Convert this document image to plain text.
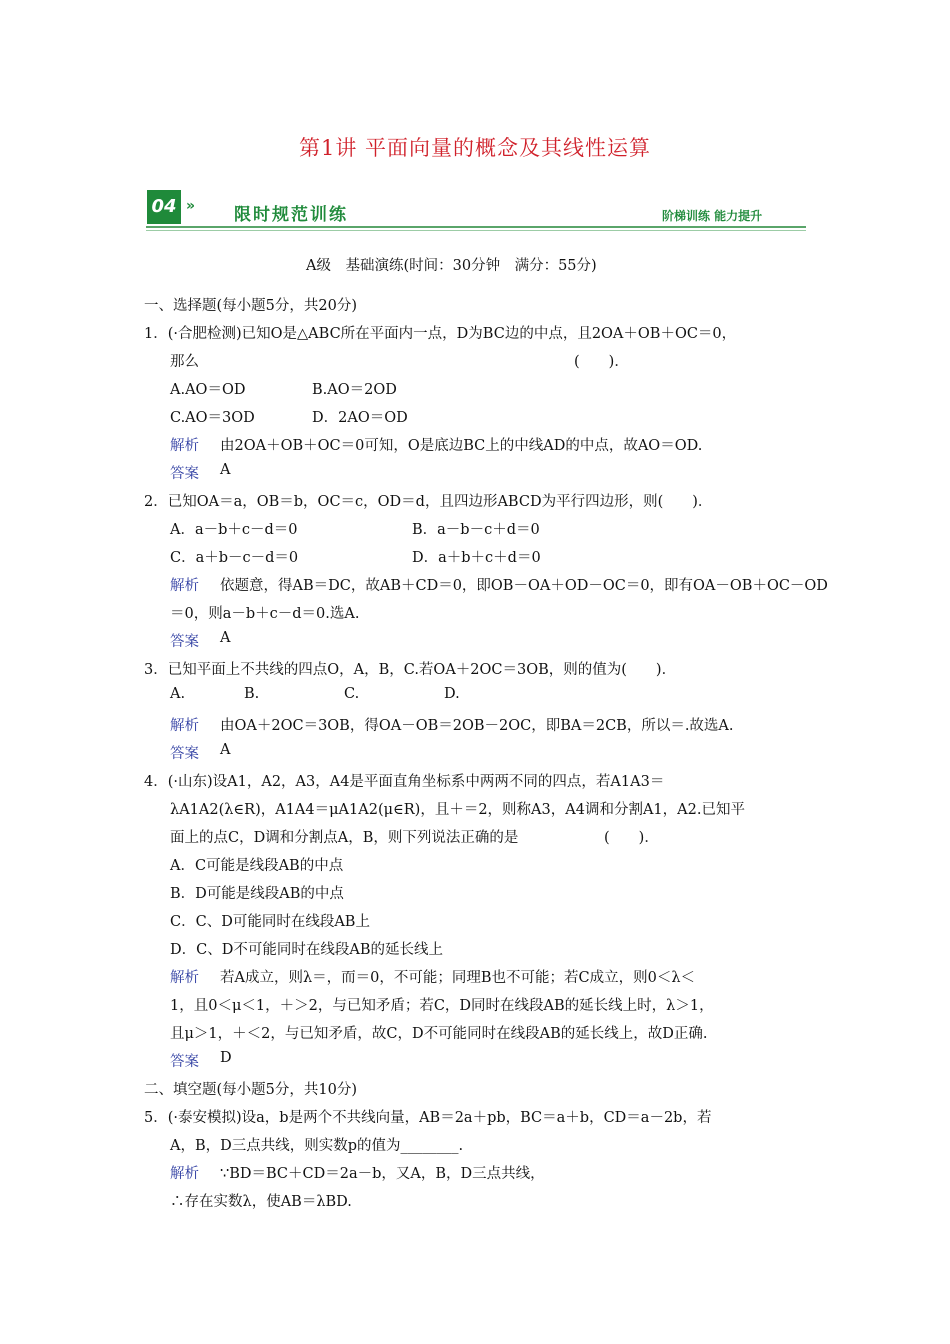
第1讲 平面向量的概念及其线性运算
04 » 限时规范训练	阶梯训练 能力提升
A级　基础演练(时间：30分钟　满分：55分)
一、选择题(每小题5分，共20分)
1．(·合肥检测)已知O是△ABC所在平面内一点，D为BC边的中点，且2OA＋OB＋OC＝0，
那么	(　　)．
A.AO＝OD	B.AO＝2OD
C.AO＝3OD	D．2AO＝OD
解析 由2OA＋OB＋OC＝0可知，O是底边BC上的中线AD的中点，故AO＝OD.
答案 A
2．已知OA＝a，OB＝b，OC＝c，OD＝d，且四边形ABCD为平行四边形，则(　　)．
A．a－b＋c－d＝0	B．a－b－c＋d＝0
C．a＋b－c－d＝0	D．a＋b＋c＋d＝0
解析 依题意，得AB＝DC，故AB＋CD＝0，即OB－OA＋OD－OC＝0，即有OA－OB＋OC－OD
＝0，则a－b＋c－d＝0.选A.
答案 A
3．已知平面上不共线的四点O，A，B，C.若OA＋2OC＝3OB，则的值为(　　)．
A.	B.	C.	D.
解析 由OA＋2OC＝3OB，得OA－OB＝2OB－2OC，即BA＝2CB，所以＝.故选A.
答案 A
4．(·山东)设A1，A2，A3，A4是平面直角坐标系中两两不同的四点，若A1A3＝
λA1A2(λ∈R)，A1A4＝μA1A2(μ∈R)，且＋＝2，则称A3，A4调和分割A1，A2.已知平
面上的点C，D调和分割点A，B，则下列说法正确的是	(　　)．
A．C可能是线段AB的中点
B．D可能是线段AB的中点
C．C、D可能同时在线段AB上
D．C、D不可能同时在线段AB的延长线上
解析 若A成立，则λ＝，而＝0，不可能；同理B也不可能；若C成立，则0＜λ＜
1，且0＜μ＜1，＋＞2，与已知矛盾；若C，D同时在线段AB的延长线上时，λ＞1，
且μ＞1，＋＜2，与已知矛盾，故C，D不可能同时在线段AB的延长线上，故D正确.
答案 D
二、填空题(每小题5分，共10分)
5．(·泰安模拟)设a，b是两个不共线向量，AB＝2a＋pb，BC＝a＋b，CD＝a－2b，若
A，B，D三点共线，则实数p的值为________.
解析 ∵BD＝BC＋CD＝2a－b，又A，B，D三点共线，
∴存在实数λ，使AB＝λBD.
